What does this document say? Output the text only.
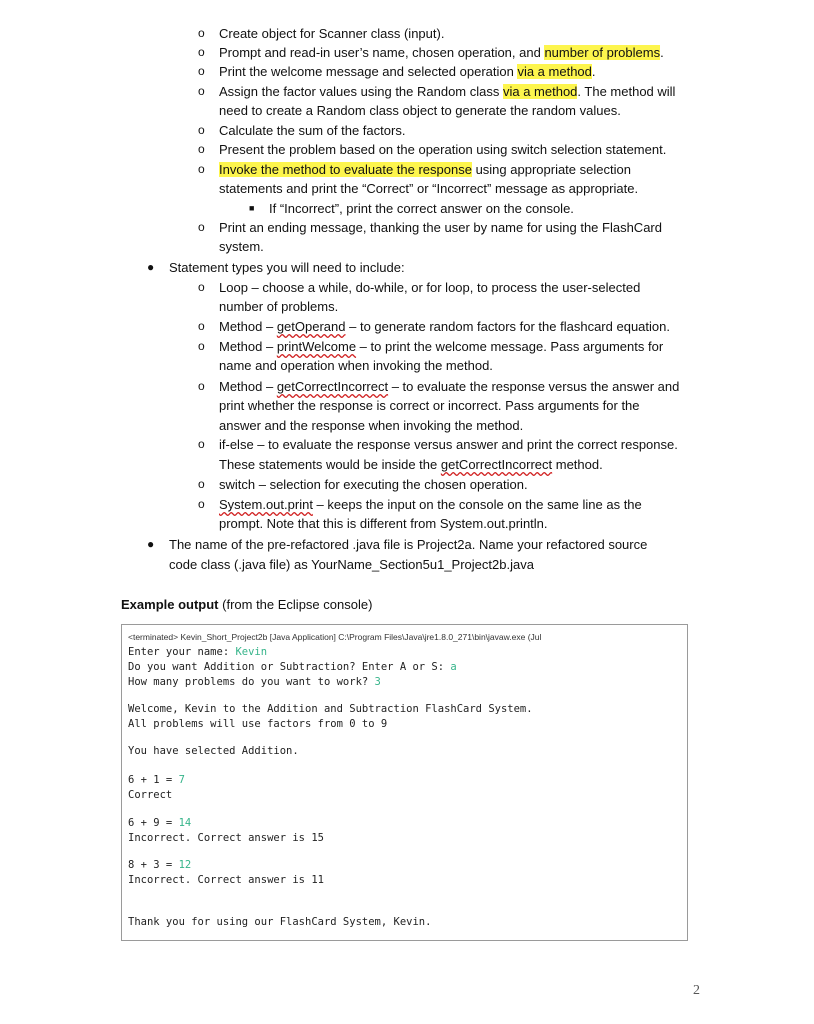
o Create object for Scanner class (input).
o Prompt and read-in user’s name, chosen operation, and number of problems.
o Print the welcome message and selected operation via a method.
o Assign the factor values using the Random class via a method. The method will
need to create a Random class object to generate the random values.
o Calculate the sum of the factors.
o Present the problem based on the operation using switch selection statement.
o Invoke the method to evaluate the response using appropriate selection
statements and print the “Correct” or “Incorrect” message as appropriate.
■ If “Incorrect”, print the correct answer on the console.
o Print an ending message, thanking the user by name for using the FlashCard
system.
● Statement types you will need to include:
o Loop – choose a while, do-while, or for loop, to process the user-selected
number of problems.
o Method – getOperand – to generate random factors for the flashcard equation.
o Method – printWelcome – to print the welcome message. Pass arguments for
name and operation when invoking the method.
o Method – getCorrectIncorrect – to evaluate the response versus the answer and
print whether the response is correct or incorrect. Pass arguments for the
answer and the response when invoking the method.
o if-else – to evaluate the response versus answer and print the correct response.
These statements would be inside the getCorrectIncorrect method.
o switch – selection for executing the chosen operation.
o System.out.print – keeps the input on the console on the same line as the
prompt. Note that this is different from System.out.println.
● The name of the pre-refactored .java file is Project2a. Name your refactored source
code class (.java file) as YourName_Section5u1_Project2b.java
Example output (from the Eclipse console)
<terminated> Kevin_Short_Project2b [Java Application] C:\Program Files\Java\jre1.8.0_271\bin\javaw.exe (Jul
Enter your name: Kevin
Do you want Addition or Subtraction? Enter A or S: a
How many problems do you want to work? 3
Welcome, Kevin to the Addition and Subtraction FlashCard System.
All problems will use factors from 0 to 9
You have selected Addition.
6 + 1 = 7
Correct
6 + 9 = 14
Incorrect. Correct answer is 15
8 + 3 = 12
Incorrect. Correct answer is 11
Thank you for using our FlashCard System, Kevin.
2
